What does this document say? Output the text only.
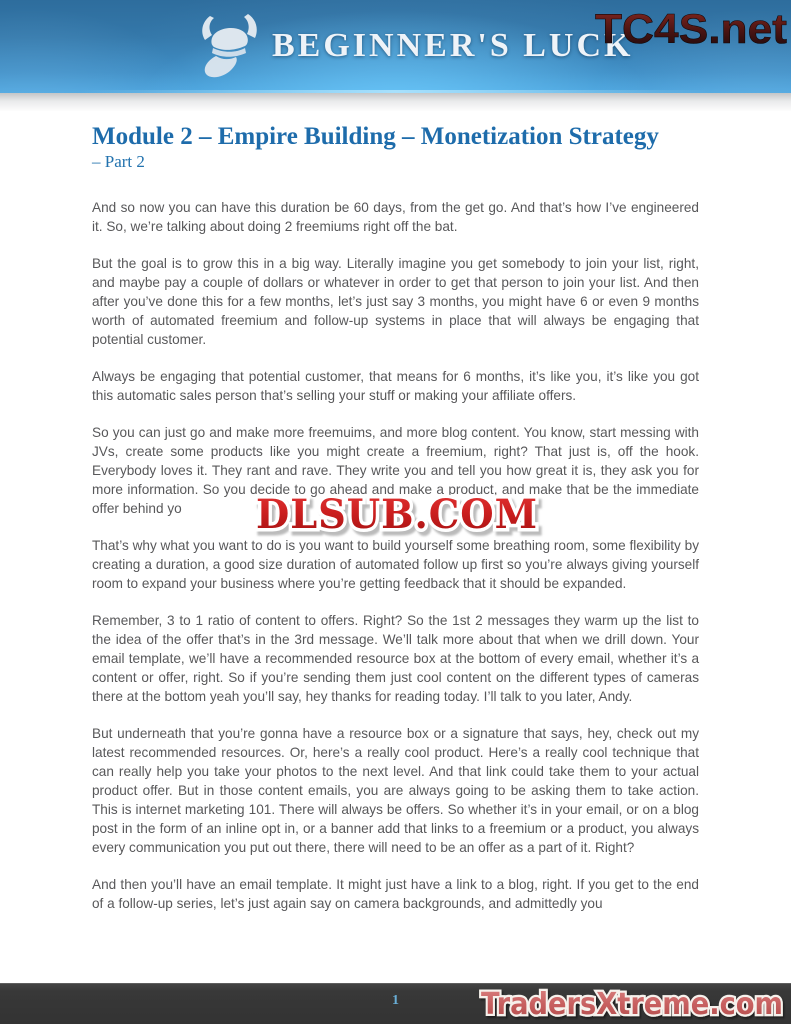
BEGINNER'S LUCK
TC4S.net
Module 2 – Empire Building – Monetization Strategy
– Part 2

And so now you can have this duration be 60 days, from the get go. And that’s how I’ve engineered it. So, we’re talking about doing 2 freemiums right off the bat.

But the goal is to grow this in a big way. Literally imagine you get somebody to join your list, right, and maybe pay a couple of dollars or whatever in order to get that person to join your list. And then after you’ve done this for a few months, let’s just say 3 months, you might have 6 or even 9 months worth of automated freemium and follow-up systems in place that will always be engaging that potential customer.

Always be engaging that potential customer, that means for 6 months, it’s like you, it’s like you got this automatic sales person that’s selling your stuff or making your affiliate offers.

So you can just go and make more freemuims, and more blog content. You know, start messing with JVs, create some products like you might create a freemium, right? That just is, off the hook. Everybody loves it. They rant and rave. They write you and tell you how great it is, they ask you for more information. So you decide to go ahead and make a product, and make that be the immediate offer behind yo

That’s why what you want to do is you want to build yourself some breathing room, some flexibility by creating a duration, a good size duration of automated follow up first so you’re always giving yourself room to expand your business where you’re getting feedback that it should be expanded.

Remember, 3 to 1 ratio of content to offers. Right? So the 1st 2 messages they warm up the list to the idea of the offer that’s in the 3rd message. We’ll talk more about that when we drill down. Your email template, we’ll have a recommended resource box at the bottom of every email, whether it’s a content or offer, right. So if you’re sending them just cool content on the different types of cameras there at the bottom yeah you’ll say, hey thanks for reading today. I’ll talk to you later, Andy.

But underneath that you’re gonna have a resource box or a signature that says, hey, check out my latest recommended resources. Or, here’s a really cool product. Here’s a really cool technique that can really help you take your photos to the next level. And that link could take them to your actual product offer. But in those content emails, you are always going to be asking them to take action. This is internet marketing 101. There will always be offers. So whether it’s in your email, or on a blog post in the form of an inline opt in, or a banner add that links to a freemium or a product, you always every communication you put out there, there will need to be an offer as a part of it. Right?

And then you’ll have an email template. It might just have a link to a blog, right. If you get to the end of a follow-up series, let’s just again say on camera backgrounds, and admittedly you

DLSUB.COM
1	TradersXtreme.com
